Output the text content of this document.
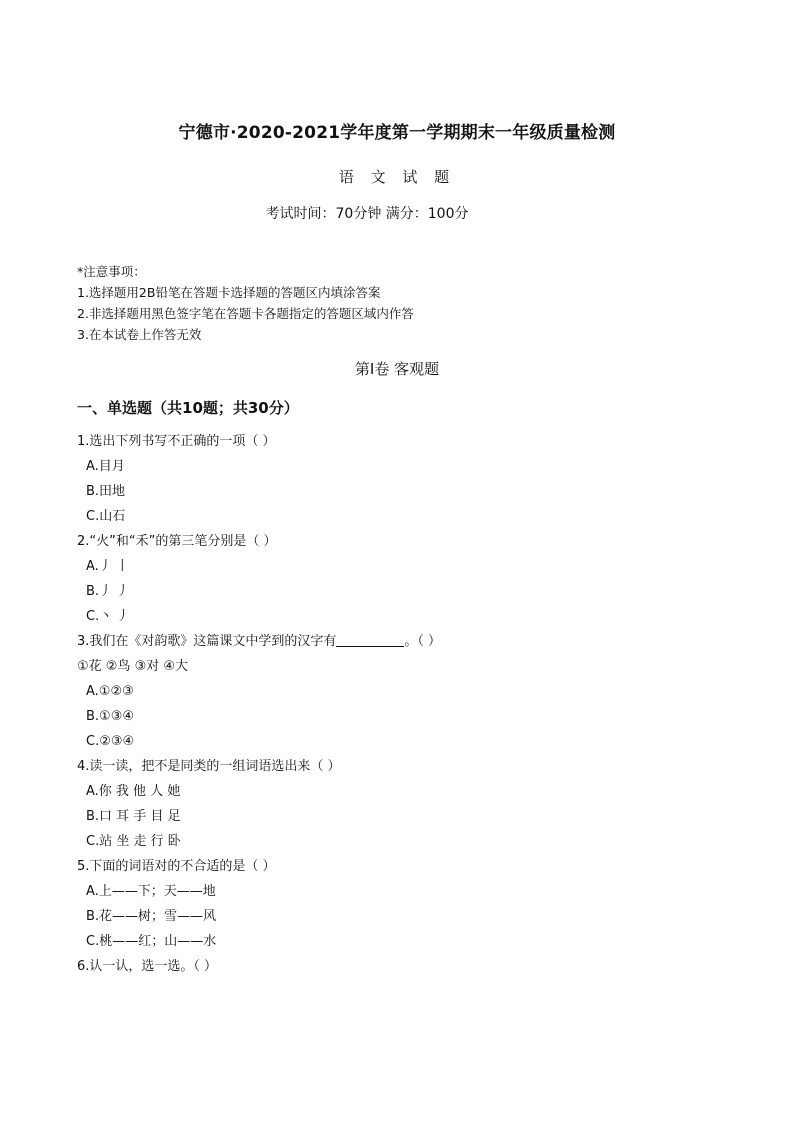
宁德市·2020-2021学年度第一学期期末一年级质量检测
语 文 试 题
考试时间：70分钟 满分：100分
*注意事项：
1.选择题用2B铅笔在答题卡选择题的答题区内填涂答案
2.非选择题用黑色签字笔在答题卡各题指定的答题区域内作答
3.在本试卷上作答无效
第Ⅰ卷 客观题
一、单选题（共10题；共30分）
1.选出下列书写不正确的一项（ ）
A.目月
B.田地
C.山石
2.“火”和“禾”的第三笔分别是（ ）
A.丿 丨
B.丿 丿
C.丶 丿
3.我们在《对韵歌》这篇课文中学到的汉字有	。（ ）
①花 ②鸟 ③对 ④大
A.①②③
B.①③④
C.②③④
4.读一读，把不是同类的一组词语选出来（ ）
A.你 我 他 人 她
B.口 耳 手 目 足
C.站 坐 走 行 卧
5.下面的词语对的不合适的是（ ）
A.上——下；天——地
B.花——树；雪——风
C.桃——红；山——水
6.认一认，选一选。（ ）
